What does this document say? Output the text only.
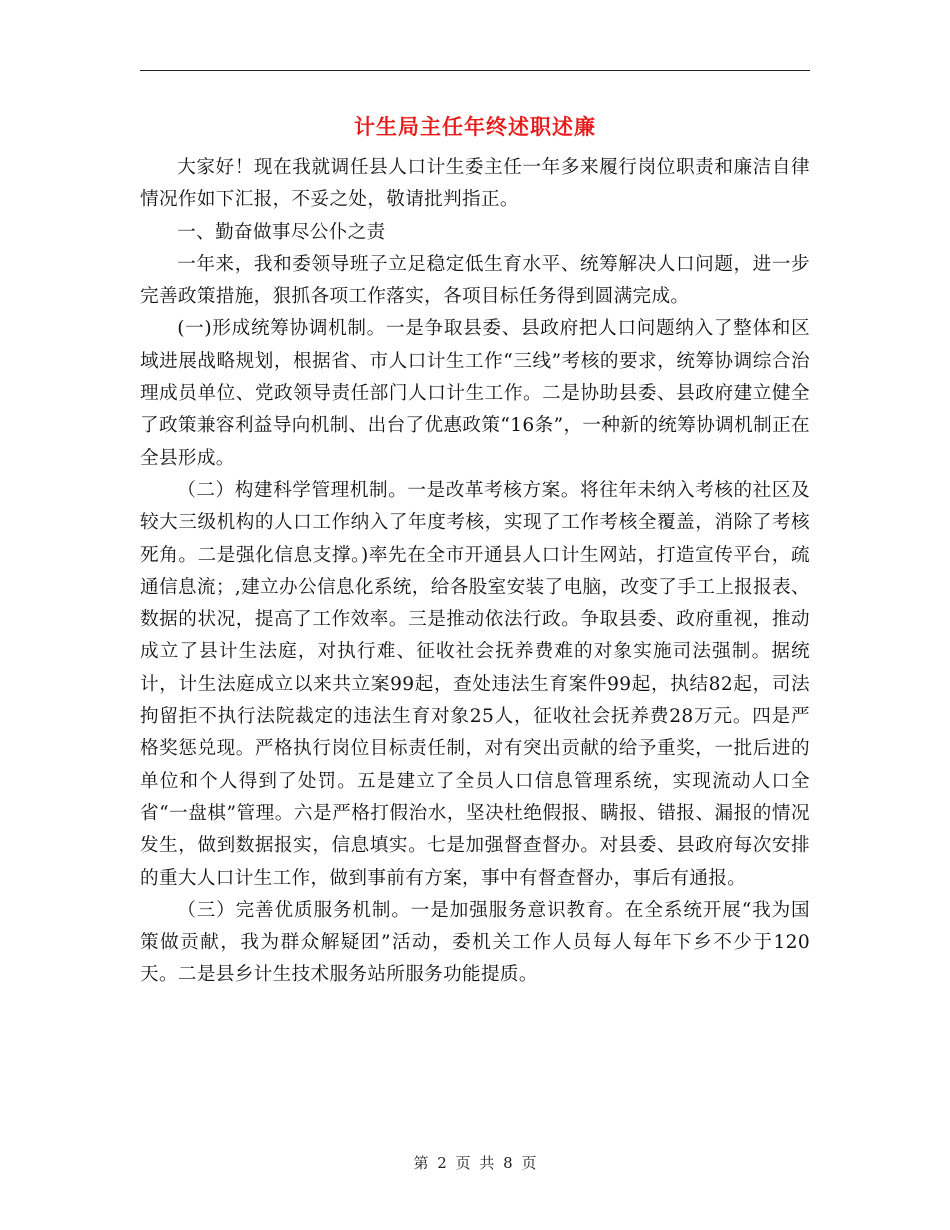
计生局主任年终述职述廉

大家好！现在我就调任县人口计生委主任一年多来履行岗位职责和廉洁自律情况作如下汇报，不妥之处，敬请批判指正。

一、勤奋做事尽公仆之责

一年来，我和委领导班子立足稳定低生育水平、统筹解决人口问题，进一步完善政策措施，狠抓各项工作落实，各项目标任务得到圆满完成。

(一)形成统筹协调机制。一是争取县委、县政府把人口问题纳入了整体和区域进展战略规划，根据省、市人口计生工作“三线”考核的要求，统筹协调综合治理成员单位、党政领导责任部门人口计生工作。二是协助县委、县政府建立健全了政策兼容利益导向机制、出台了优惠政策“16条”，一种新的统筹协调机制正在全县形成。

（二）构建科学管理机制。一是改革考核方案。将往年未纳入考核的社区及较大三级机构的人口工作纳入了年度考核，实现了工作考核全覆盖，消除了考核死角。二是强化信息支撑。)率先在全市开通县人口计生网站，打造宣传平台，疏通信息流；,建立办公信息化系统，给各股室安装了电脑，改变了手工上报报表、数据的状况，提高了工作效率。三是推动依法行政。争取县委、政府重视，推动成立了县计生法庭，对执行难、征收社会抚养费难的对象实施司法强制。据统计，计生法庭成立以来共立案99起，查处违法生育案件99起，执结82起，司法拘留拒不执行法院裁定的违法生育对象25人，征收社会抚养费28万元。四是严格奖惩兑现。严格执行岗位目标责任制，对有突出贡献的给予重奖，一批后进的单位和个人得到了处罚。五是建立了全员人口信息管理系统，实现流动人口全省“一盘棋”管理。六是严格打假治水，坚决杜绝假报、瞒报、错报、漏报的情况发生，做到数据报实，信息填实。七是加强督查督办。对县委、县政府每次安排的重大人口计生工作，做到事前有方案，事中有督查督办，事后有通报。

（三）完善优质服务机制。一是加强服务意识教育。在全系统开展“我为国策做贡献，我为群众解疑团”活动，委机关工作人员每人每年下乡不少于120天。二是县乡计生技术服务站所服务功能提质。

第 2 页 共 8 页
